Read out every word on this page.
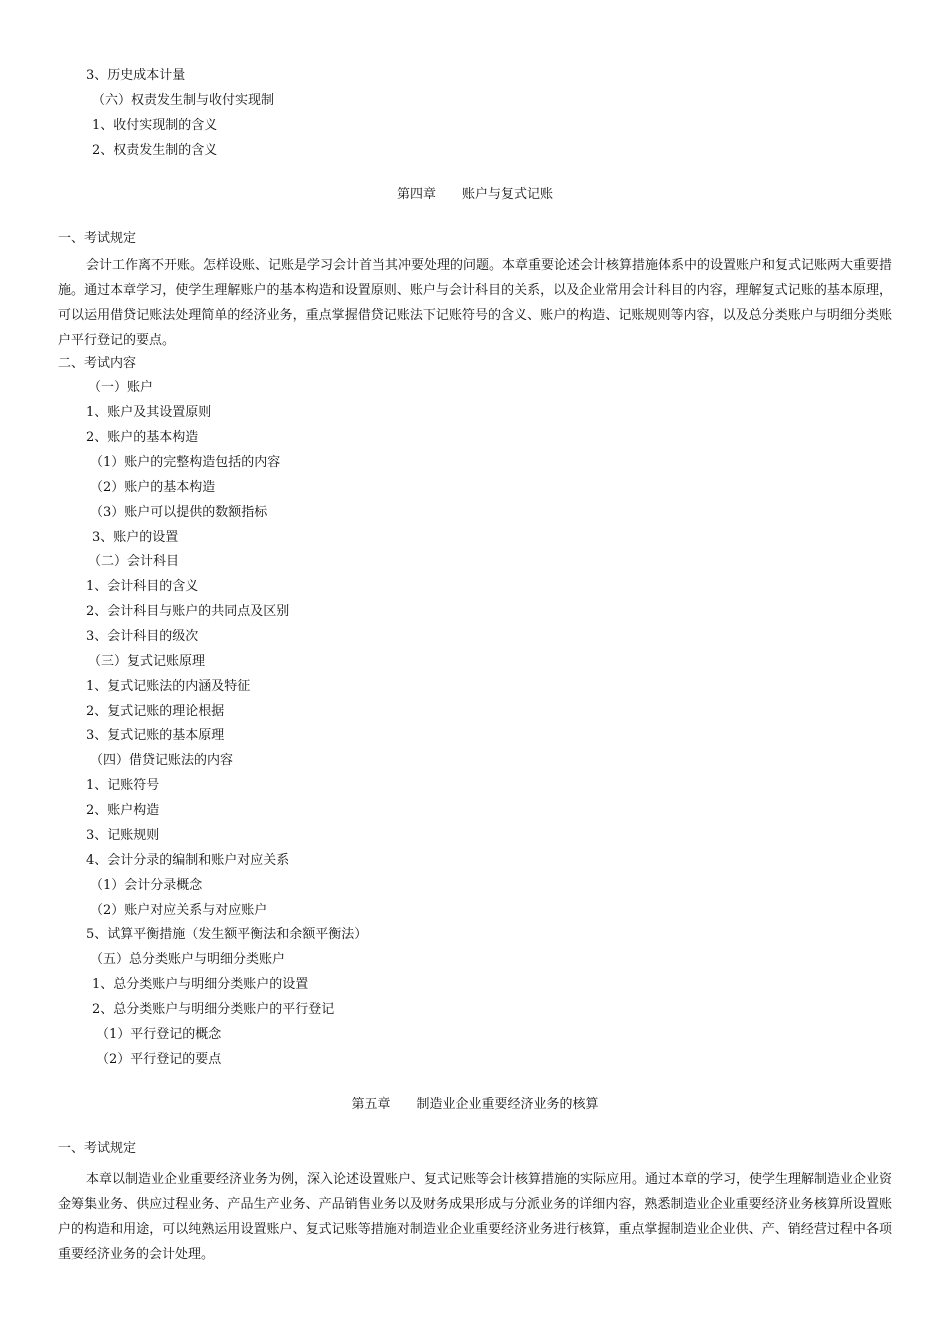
3、历史成本计量
（六）权责发生制与收付实现制
1、收付实现制的含义
2、权责发生制的含义
第四章　　账户与复式记账
一、考试规定
会计工作离不开账。怎样设账、记账是学习会计首当其冲要处理的问题。本章重要论述会计核算措施体系中的设置账户和复式记账两大重要措施。通过本章学习，使学生理解账户的基本构造和设置原则、账户与会计科目的关系，以及企业常用会计科目的内容，理解复式记账的基本原理，可以运用借贷记账法处理简单的经济业务，重点掌握借贷记账法下记账符号的含义、账户的构造、记账规则等内容，以及总分类账户与明细分类账户平行登记的要点。
二、考试内容
（一）账户
1、账户及其设置原则
2、账户的基本构造
（1）账户的完整构造包括的内容
（2）账户的基本构造
（3）账户可以提供的数额指标
3、账户的设置
（二）会计科目
1、会计科目的含义
2、会计科目与账户的共同点及区别
3、会计科目的级次
（三）复式记账原理
1、复式记账法的内涵及特征
2、复式记账的理论根据
3、复式记账的基本原理
（四）借贷记账法的内容
1、记账符号
2、账户构造
3、记账规则
4、会计分录的编制和账户对应关系
（1）会计分录概念
（2）账户对应关系与对应账户
5、试算平衡措施（发生额平衡法和余额平衡法）
（五）总分类账户与明细分类账户
1、总分类账户与明细分类账户的设置
2、总分类账户与明细分类账户的平行登记
（1）平行登记的概念
（2）平行登记的要点
第五章　　制造业企业重要经济业务的核算
一、考试规定
本章以制造业企业重要经济业务为例，深入论述设置账户、复式记账等会计核算措施的实际应用。通过本章的学习，使学生理解制造业企业资金筹集业务、供应过程业务、产品生产业务、产品销售业务以及财务成果形成与分派业务的详细内容，熟悉制造业企业重要经济业务核算所设置账户的构造和用途，可以纯熟运用设置账户、复式记账等措施对制造业企业重要经济业务进行核算，重点掌握制造业企业供、产、销经营过程中各项重要经济业务的会计处理。
